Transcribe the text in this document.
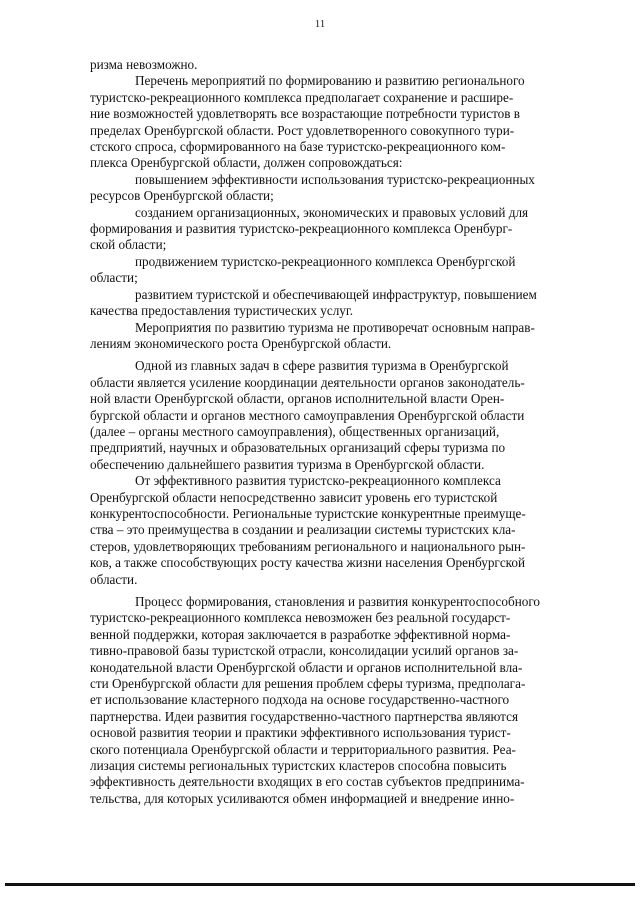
11
ризма невозможно.
Перечень мероприятий по формированию и развитию регионального
туристско-рекреационного комплекса предполагает сохранение и расшире-
ние возможностей удовлетворять все возрастающие потребности туристов в
пределах Оренбургской области. Рост удовлетворенного совокупного тури-
стского спроса, сформированного на базе туристско-рекреационного ком-
плекса Оренбургской области, должен сопровождаться:
повышением эффективности использования туристско-рекреационных
ресурсов Оренбургской области;
созданием организационных, экономических и правовых условий для
формирования и развития туристско-рекреационного комплекса Оренбург-
ской области;
продвижением туристско-рекреационного комплекса Оренбургской
области;
развитием туристской и обеспечивающей инфраструктур, повышением
качества предоставления туристических услуг.
Мероприятия по развитию туризма не противоречат основным направ-
лениям экономического роста Оренбургской области.
Одной из главных задач в сфере развития туризма в Оренбургской
области является усиление координации деятельности органов законодатель-
ной власти Оренбургской области, органов исполнительной власти Орен-
бургской области и органов местного самоуправления Оренбургской области
(далее – органы местного самоуправления), общественных организаций,
предприятий, научных и образовательных организаций сферы туризма по
обеспечению дальнейшего развития туризма в Оренбургской области.
От эффективного развития туристско-рекреационного комплекса
Оренбургской области непосредственно зависит уровень его туристской
конкурентоспособности. Региональные туристские конкурентные преимуще-
ства – это преимущества в создании и реализации системы туристских кла-
стеров, удовлетворяющих требованиям регионального и национального рын-
ков, а также способствующих росту качества жизни населения Оренбургской
области.
Процесс формирования, становления и развития конкурентоспособного
туристско-рекреационного комплекса невозможен без реальной государст-
венной поддержки, которая заключается в разработке эффективной норма-
тивно-правовой базы туристской отрасли, консолидации усилий органов за-
конодательной власти Оренбургской области и органов исполнительной вла-
сти Оренбургской области для решения проблем сферы туризма, предполага-
ет использование кластерного подхода на основе государственно-частного
партнерства. Идеи развития государственно-частного партнерства являются
основой развития теории и практики эффективного использования турист-
ского потенциала Оренбургской области и территориального развития. Реа-
лизация системы региональных туристских кластеров способна повысить
эффективность деятельности входящих в его состав субъектов предпринима-
тельства, для которых усиливаются обмен информацией и внедрение инно-
